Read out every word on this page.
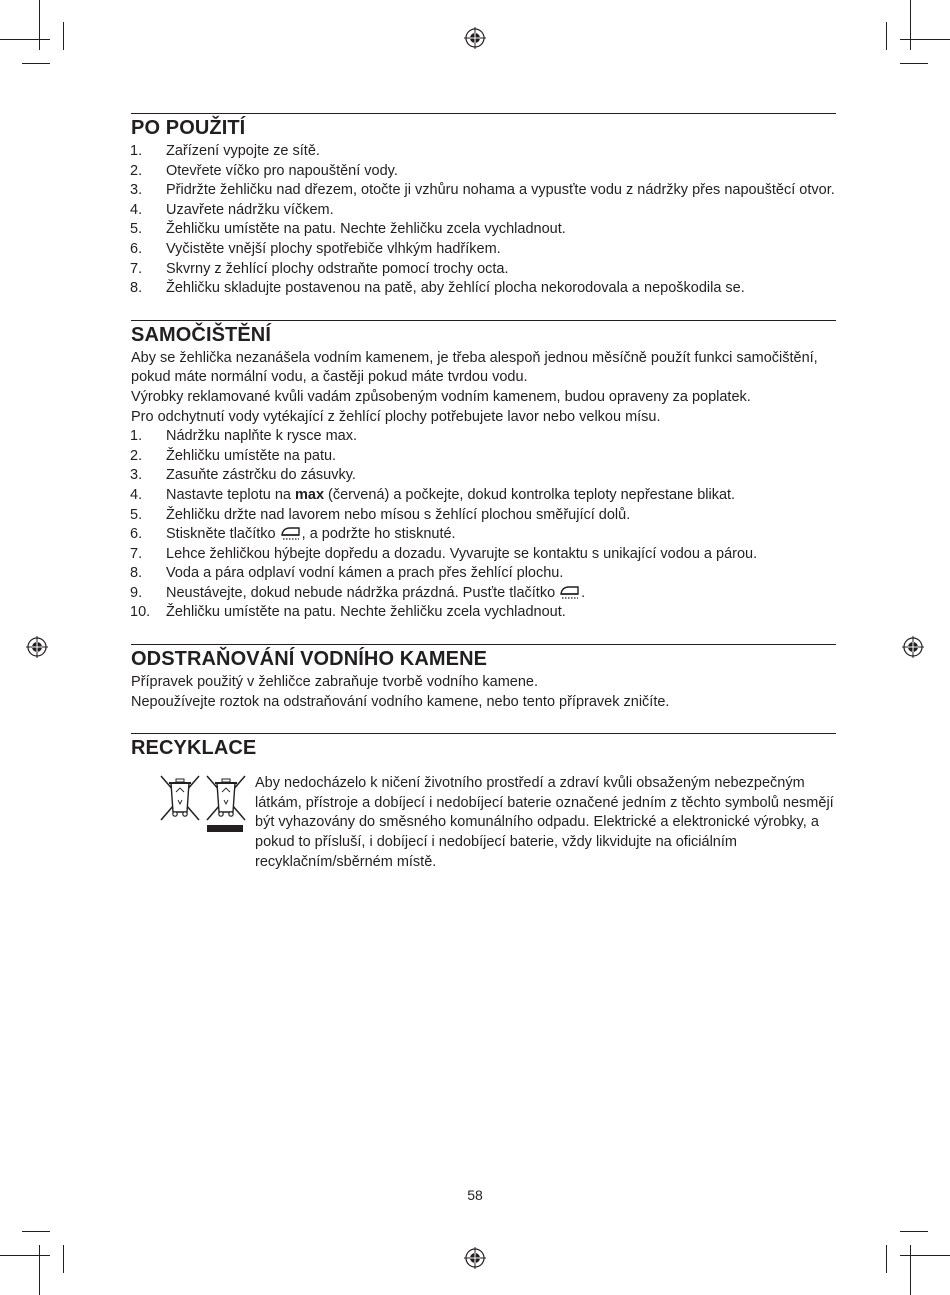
PO POUŽITÍ
1. Zařízení vypojte ze sítě.
2. Otevřete víčko pro napouštění vody.
3. Přidržte žehličku nad dřezem, otočte ji vzhůru nohama a vypusťte vodu z nádržky přes napouštěcí otvor.
4. Uzavřete nádržku víčkem.
5. Žehličku umístěte na patu. Nechte žehličku zcela vychladnout.
6. Vyčistěte vnější plochy spotřebiče vlhkým hadříkem.
7. Skvrny z žehlící plochy odstraňte pomocí trochy octa.
8. Žehličku skladujte postavenou na patě, aby žehlící plocha nekorodovala a nepoškodila se.
SAMOČIŠTĚNÍ
Aby se žehlička nezanášela vodním kamenem, je třeba alespoň jednou měsíčně použít funkci samočištění, pokud máte normální vodu, a častěji pokud máte tvrdou vodu.
Výrobky reklamované kvůli vadám způsobeným vodním kamenem, budou opraveny za poplatek.
Pro odchytnutí vody vytékající z žehlící plochy potřebujete lavor nebo velkou mísu.
1. Nádržku naplňte k rysce max.
2. Žehličku umístěte na patu.
3. Zasuňte zástrčku do zásuvky.
4. Nastavte teplotu na max (červená) a počkejte, dokud kontrolka teploty nepřestane blikat.
5. Žehličku držte nad lavorem nebo mísou s žehlící plochou směřující dolů.
6. Stiskněte tlačítko , a podržte ho stisknuté.
7. Lehce žehličkou hýbejte dopředu a dozadu. Vyvarujte se kontaktu s unikající vodou a párou.
8. Voda a pára odplaví vodní kámen a prach přes žehlící plochu.
9. Neustávejte, dokud nebude nádržka prázdná. Pusťte tlačítko .
10. Žehličku umístěte na patu. Nechte žehličku zcela vychladnout.
ODSTRAŇOVÁNÍ VODNÍHO KAMENE
Přípravek použitý v žehličce zabraňuje tvorbě vodního kamene.
Nepoužívejte roztok na odstraňování vodního kamene, nebo tento přípravek zničíte.
RECYKLACE
Aby nedocházelo k ničení životního prostředí a zdraví kvůli obsaženým nebezpečným látkám, přístroje a dobíjecí i nedobíjecí baterie označené jedním z těchto symbolů nesmějí být vyhazovány do směsného komunálního odpadu. Elektrické a elektronické výrobky, a pokud to přísluší, i dobíjecí i nedobíjecí baterie, vždy likvidujte na oficiálním recyklačním/sběrném místě.
58
